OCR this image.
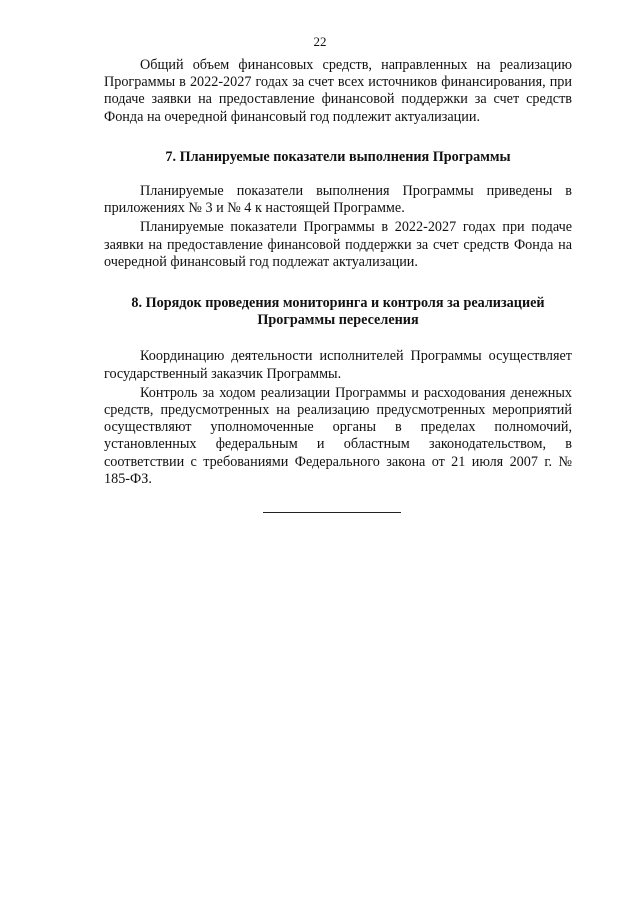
22

Общий объем финансовых средств, направленных на реализацию Программы в 2022-2027 годах за счет всех источников финансирования, при подаче заявки на предоставление финансовой поддержки за счет средств Фонда на очередной финансовый год подлежит актуализации.

7. Планируемые показатели выполнения Программы

Планируемые показатели выполнения Программы приведены в приложениях № 3 и № 4 к настоящей Программе.

Планируемые показатели Программы в 2022-2027 годах при подаче заявки на предоставление финансовой поддержки за счет средств Фонда на очередной финансовый год подлежат актуализации.

8. Порядок проведения мониторинга и контроля за реализацией
Программы переселения

Координацию деятельности исполнителей Программы осуществляет государственный заказчик Программы.

Контроль за ходом реализации Программы и расходования денежных средств, предусмотренных на реализацию предусмотренных мероприятий осуществляют уполномоченные органы в пределах полномочий, установленных федеральным и областным законодательством, в соответствии с требованиями Федерального закона от 21 июля 2007 г. № 185-ФЗ.
